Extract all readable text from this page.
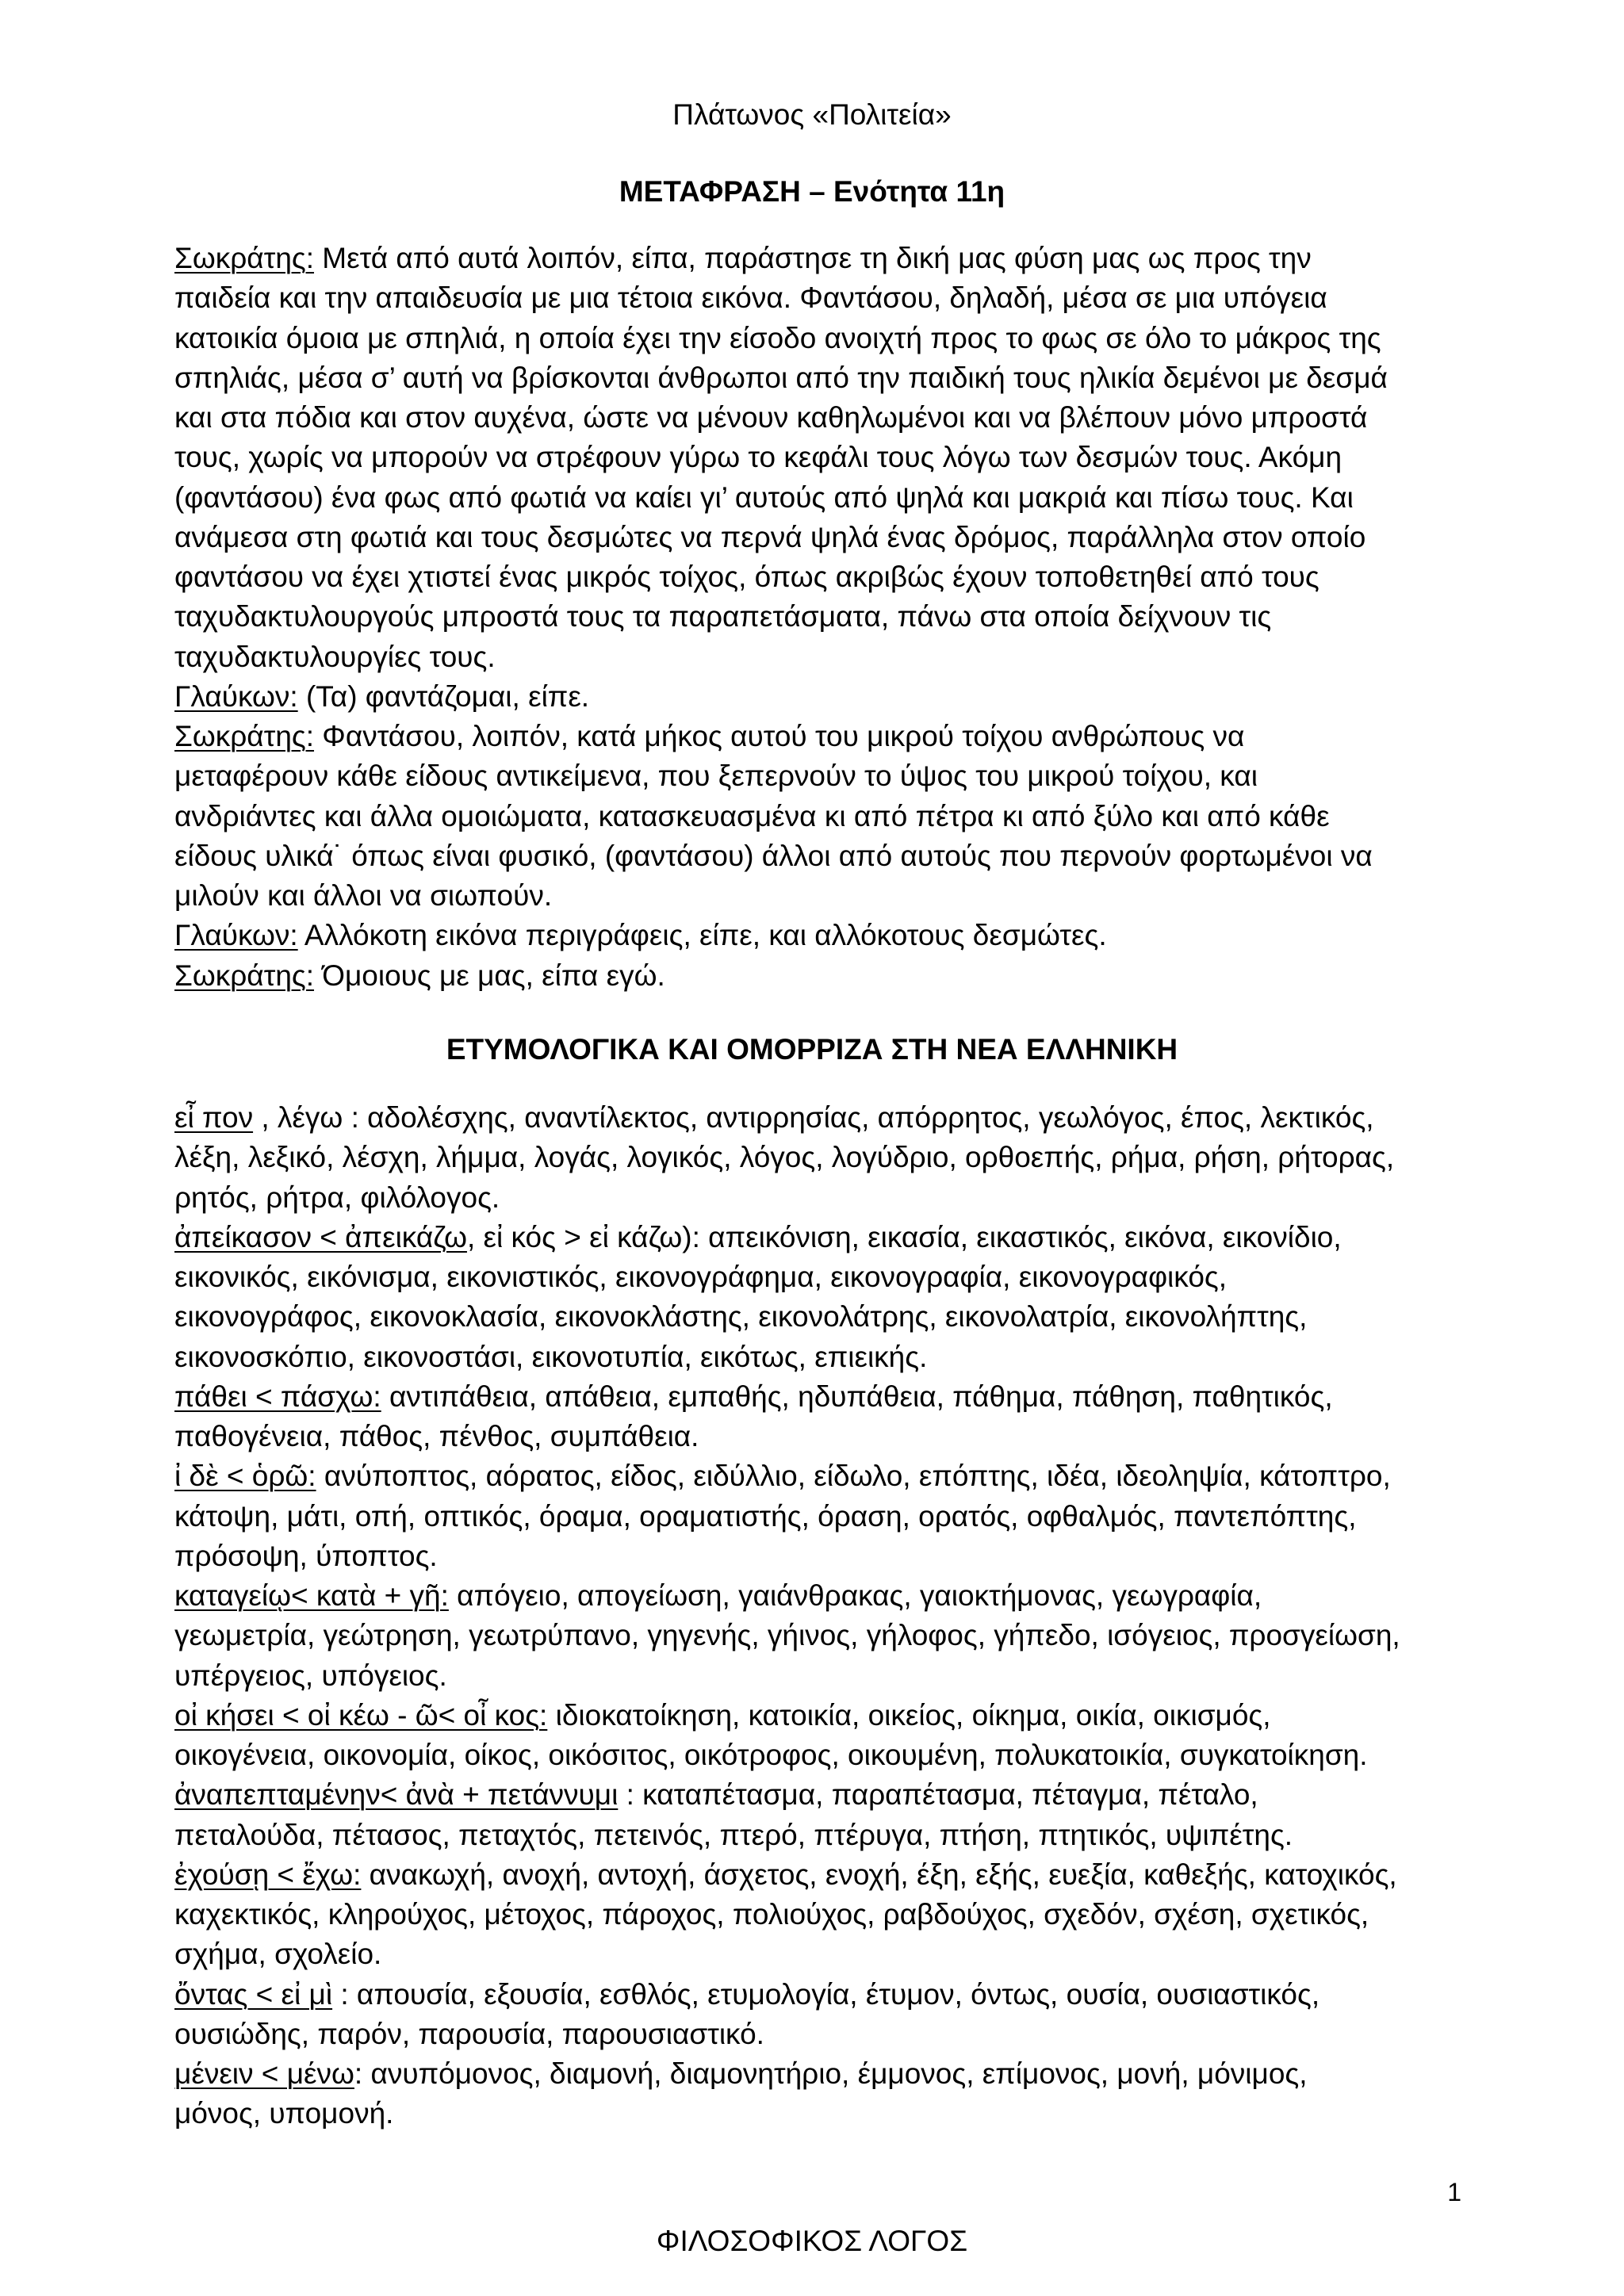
Πλάτωνος «Πολιτεία»
ΜΕΤΑΦΡΑΣΗ – Ενότητα 11η
Σωκράτης: Μετά από αυτά λοιπόν, είπα, παράστησε τη δική μας φύση μας ως προς την
παιδεία και την απαιδευσία με μια τέτοια εικόνα. Φαντάσου, δηλαδή, μέσα σε μια υπόγεια
κατοικία όμοια με σπηλιά, η οποία έχει την είσοδο ανοιχτή προς το φως σε όλο το μάκρος της
σπηλιάς, μέσα σ’ αυτή να βρίσκονται άνθρωποι από την παιδική τους ηλικία δεμένοι με δεσμά
και στα πόδια και στον αυχένα, ώστε να μένουν καθηλωμένοι και να βλέπουν μόνο μπροστά
τους, χωρίς να μπορούν να στρέφουν γύρω το κεφάλι τους λόγω των δεσμών τους. Ακόμη
(φαντάσου) ένα φως από φωτιά να καίει γι’ αυτούς από ψηλά και μακριά και πίσω τους. Και
ανάμεσα στη φωτιά και τους δεσμώτες να περνά ψηλά ένας δρόμος, παράλληλα στον οποίο
φαντάσου να έχει χτιστεί ένας μικρός τοίχος, όπως ακριβώς έχουν τοποθετηθεί από τους
ταχυδακτυλουργούς μπροστά τους τα παραπετάσματα, πάνω στα οποία δείχνουν τις
ταχυδακτυλουργίες τους.
Γλαύκων: (Τα) φαντάζομαι, είπε.
Σωκράτης: Φαντάσου, λοιπόν, κατά μήκος αυτού του μικρού τοίχου ανθρώπους να
μεταφέρουν κάθε είδους αντικείμενα, που ξεπερνούν το ύψος του μικρού τοίχου, και
ανδριάντες και άλλα ομοιώματα, κατασκευασμένα κι από πέτρα κι από ξύλο και από κάθε
είδους υλικά˙ όπως είναι φυσικό, (φαντάσου) άλλοι από αυτούς που περνούν φορτωμένοι να
μιλούν και άλλοι να σιωπούν.
Γλαύκων: Αλλόκοτη εικόνα περιγράφεις, είπε, και αλλόκοτους δεσμώτες.
Σωκράτης: Όμοιους με μας, είπα εγώ.
ΕΤΥΜΟΛΟΓΙΚΑ ΚΑΙ ΟΜΟΡΡΙΖΑ ΣΤΗ ΝΕΑ ΕΛΛΗΝΙΚΗ
εἶ πον , λέγω : αδολέσχης, αναντίλεκτος, αντιρρησίας, απόρρητος, γεωλόγος, έπος, λεκτικός,
λέξη, λεξικό, λέσχη, λήμμα, λογάς, λογικός, λόγος, λογύδριο, ορθοεπής, ρήμα, ρήση, ρήτορας,
ρητός, ρήτρα, φιλόλογος.
ἀπείκασον < ἀπεικάζω, εἰ κός > εἰ κάζω): απεικόνιση, εικασία, εικαστικός, εικόνα, εικονίδιο,
εικονικός, εικόνισμα, εικονιστικός, εικονογράφημα, εικονογραφία, εικονογραφικός,
εικονογράφος, εικονοκλασία, εικονοκλάστης, εικονολάτρης, εικονολατρία, εικονολήπτης,
εικονοσκόπιο, εικονοστάσι, εικονοτυπία, εικότως, επιεικής.
πάθει < πάσχω: αντιπάθεια, απάθεια, εμπαθής, ηδυπάθεια, πάθημα, πάθηση, παθητικός,
παθογένεια, πάθος, πένθος, συμπάθεια.
ἰ δὲ < ὁρῶ: ανύποπτος, αόρατος, είδος, ειδύλλιο, είδωλο, επόπτης, ιδέα, ιδεοληψία, κάτοπτρο,
κάτοψη, μάτι, οπή, οπτικός, όραμα, οραματιστής, όραση, ορατός, οφθαλμός, παντεπόπτης,
πρόσοψη, ύποπτος.
καταγείῳ< κατὰ + γῆ: απόγειο, απογείωση, γαιάνθρακας, γαιοκτήμονας, γεωγραφία,
γεωμετρία, γεώτρηση, γεωτρύπανο, γηγενής, γήινος, γήλοφος, γήπεδο, ισόγειος, προσγείωση,
υπέργειος, υπόγειος.
οἰ κήσει < οἰ κέω - ῶ< οἶ κος: ιδιοκατοίκηση, κατοικία, οικείος, οίκημα, οικία, οικισμός,
οικογένεια, οικονομία, οίκος, οικόσιτος, οικότροφος, οικουμένη, πολυκατοικία, συγκατοίκηση.
ἀναπεπταμένην< ἀνὰ + πετάννυμι : καταπέτασμα, παραπέτασμα, πέταγμα, πέταλο,
πεταλούδα, πέτασος, πεταχτός, πετεινός, πτερό, πτέρυγα, πτήση, πτητικός, υψιπέτης.
ἐχούσῃ < ἔχω: ανακωχή, ανοχή, αντοχή, άσχετος, ενοχή, έξη, εξής, ευεξία, καθεξής, κατοχικός,
καχεκτικός, κληρούχος, μέτοχος, πάροχος, πολιούχος, ραβδούχος, σχεδόν, σχέση, σχετικός,
σχήμα, σχολείο.
ὄντας < εἰ μὶ : απουσία, εξουσία, εσθλός, ετυμολογία, έτυμον, όντως, ουσία, ουσιαστικός,
ουσιώδης, παρόν, παρουσία, παρουσιαστικό.
μένειν < μένω: ανυπόμονος, διαμονή, διαμονητήριο, έμμονος, επίμονος, μονή, μόνιμος,
μόνος, υπομονή.
1
ΦΙΛΟΣΟΦΙΚΟΣ ΛΟΓΟΣ
